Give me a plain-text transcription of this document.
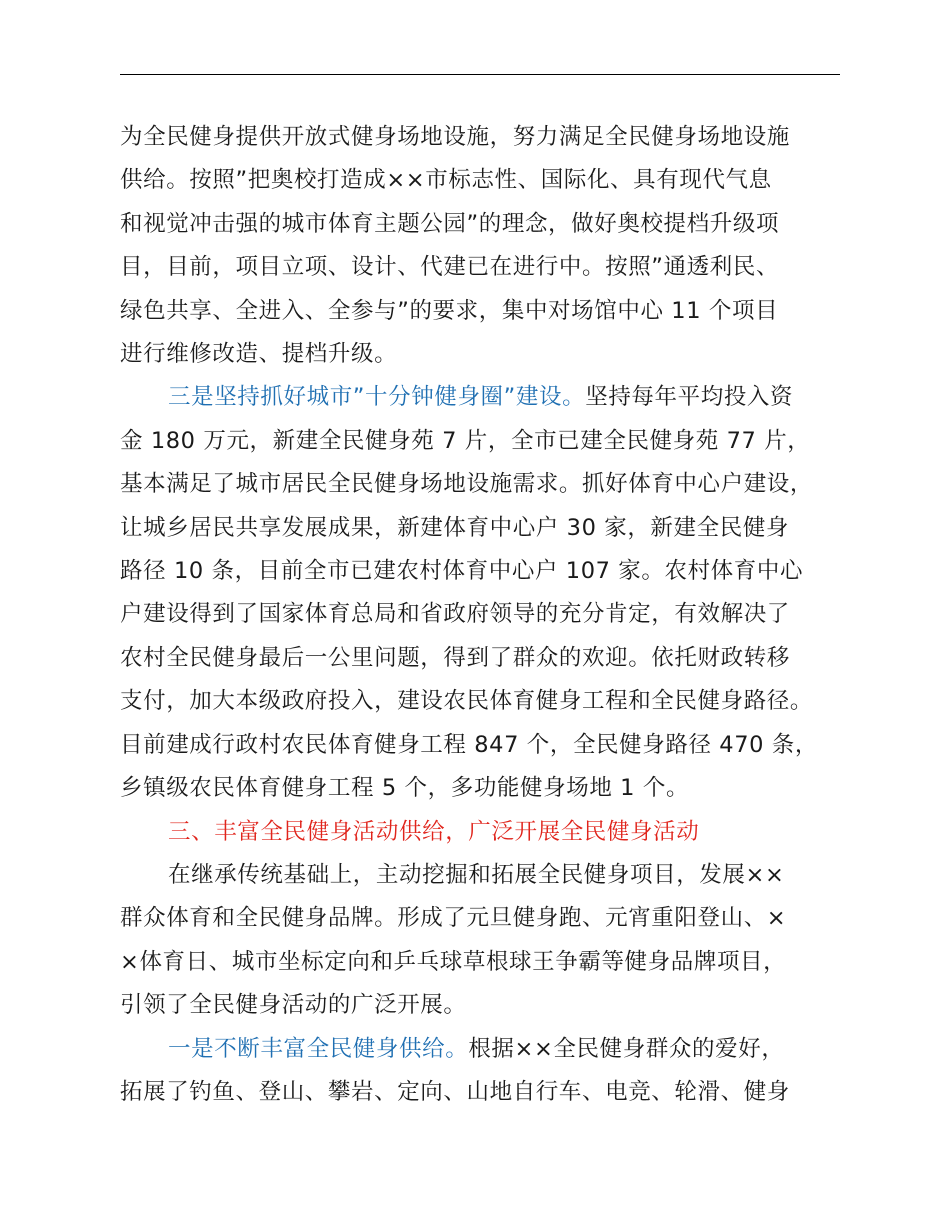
为全民健身提供开放式健身场地设施，努力满足全民健身场地设施
供给。按照”把奥校打造成××市标志性、国际化、具有现代气息
和视觉冲击强的城市体育主题公园”的理念，做好奥校提档升级项
目，目前，项目立项、设计、代建已在进行中。按照”通透利民、
绿色共享、全进入、全参与”的要求，集中对场馆中心 11 个项目
进行维修改造、提档升级。
三是坚持抓好城市”十分钟健身圈”建设。坚持每年平均投入资
金 180 万元，新建全民健身苑 7 片，全市已建全民健身苑 77 片，
基本满足了城市居民全民健身场地设施需求。抓好体育中心户建设，
让城乡居民共享发展成果，新建体育中心户 30 家，新建全民健身
路径 10 条，目前全市已建农村体育中心户 107 家。农村体育中心
户建设得到了国家体育总局和省政府领导的充分肯定，有效解决了
农村全民健身最后一公里问题，得到了群众的欢迎。依托财政转移
支付，加大本级政府投入，建设农民体育健身工程和全民健身路径。
目前建成行政村农民体育健身工程 847 个，全民健身路径 470 条，
乡镇级农民体育健身工程 5 个，多功能健身场地 1 个。
三、丰富全民健身活动供给，广泛开展全民健身活动
在继承传统基础上，主动挖掘和拓展全民健身项目，发展××
群众体育和全民健身品牌。形成了元旦健身跑、元宵重阳登山、×
×体育日、城市坐标定向和乒乓球草根球王争霸等健身品牌项目，
引领了全民健身活动的广泛开展。
一是不断丰富全民健身供给。根据××全民健身群众的爱好，
拓展了钓鱼、登山、攀岩、定向、山地自行车、电竞、轮滑、健身
